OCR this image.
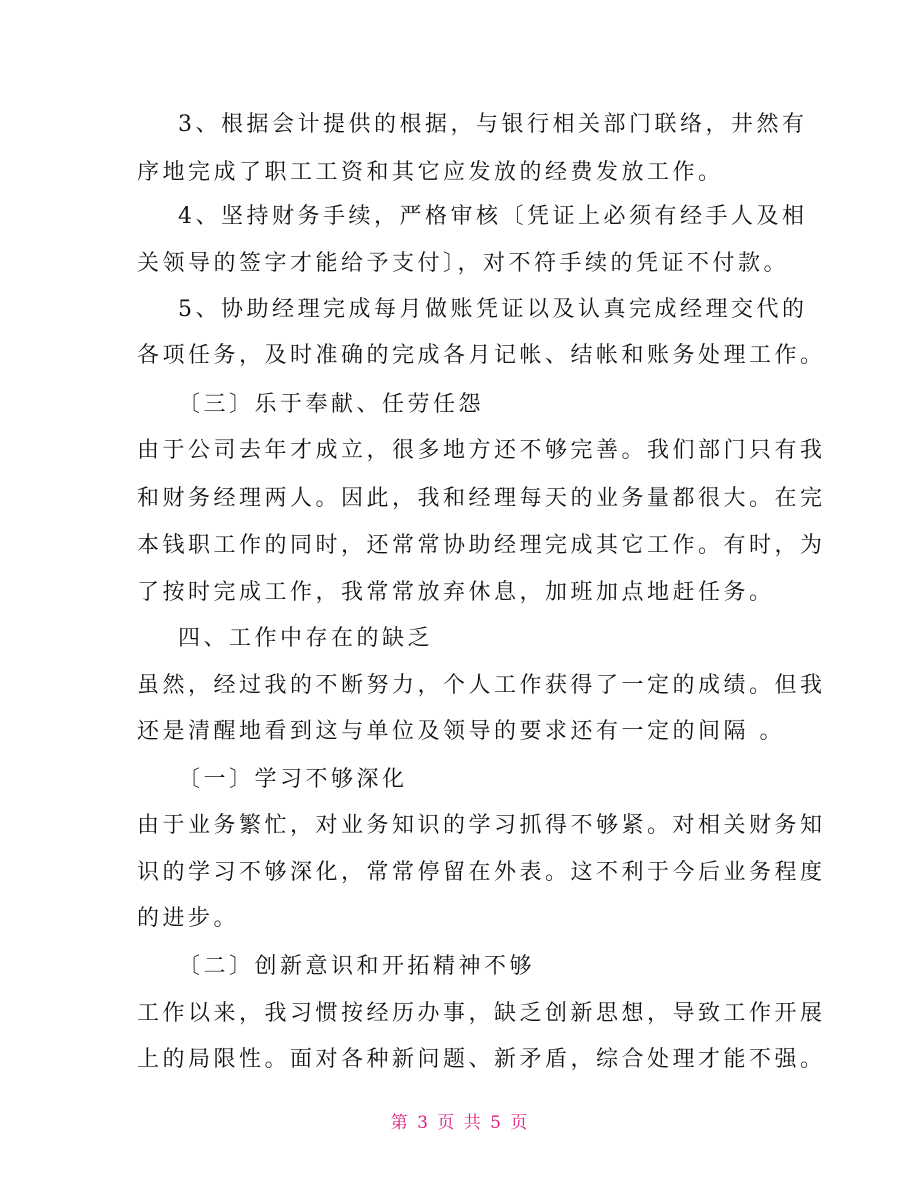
3、根据会计提供的根据，与银行相关部门联络，井然有
序地完成了职工工资和其它应发放的经费发放工作。
4、坚持财务手续，严格审核〔凭证上必须有经手人及相
关领导的签字才能给予支付〕，对不符手续的凭证不付款。
5、协助经理完成每月做账凭证以及认真完成经理交代的
各项任务，及时准确的完成各月记帐、结帐和账务处理工作。
〔三〕乐于奉献、任劳任怨
由于公司去年才成立，很多地方还不够完善。我们部门只有我
和财务经理两人。因此，我和经理每天的业务量都很大。在完
本钱职工作的同时，还常常协助经理完成其它工作。有时，为
了按时完成工作，我常常放弃休息，加班加点地赶任务。
四、工作中存在的缺乏
虽然，经过我的不断努力，个人工作获得了一定的成绩。但我
还是清醒地看到这与单位及领导的要求还有一定的间隔 。
〔一〕学习不够深化
由于业务繁忙，对业务知识的学习抓得不够紧。对相关财务知
识的学习不够深化，常常停留在外表。这不利于今后业务程度
的进步。
〔二〕创新意识和开拓精神不够
工作以来，我习惯按经历办事，缺乏创新思想，导致工作开展
上的局限性。面对各种新问题、新矛盾，综合处理才能不强。
第 3 页 共 5 页
